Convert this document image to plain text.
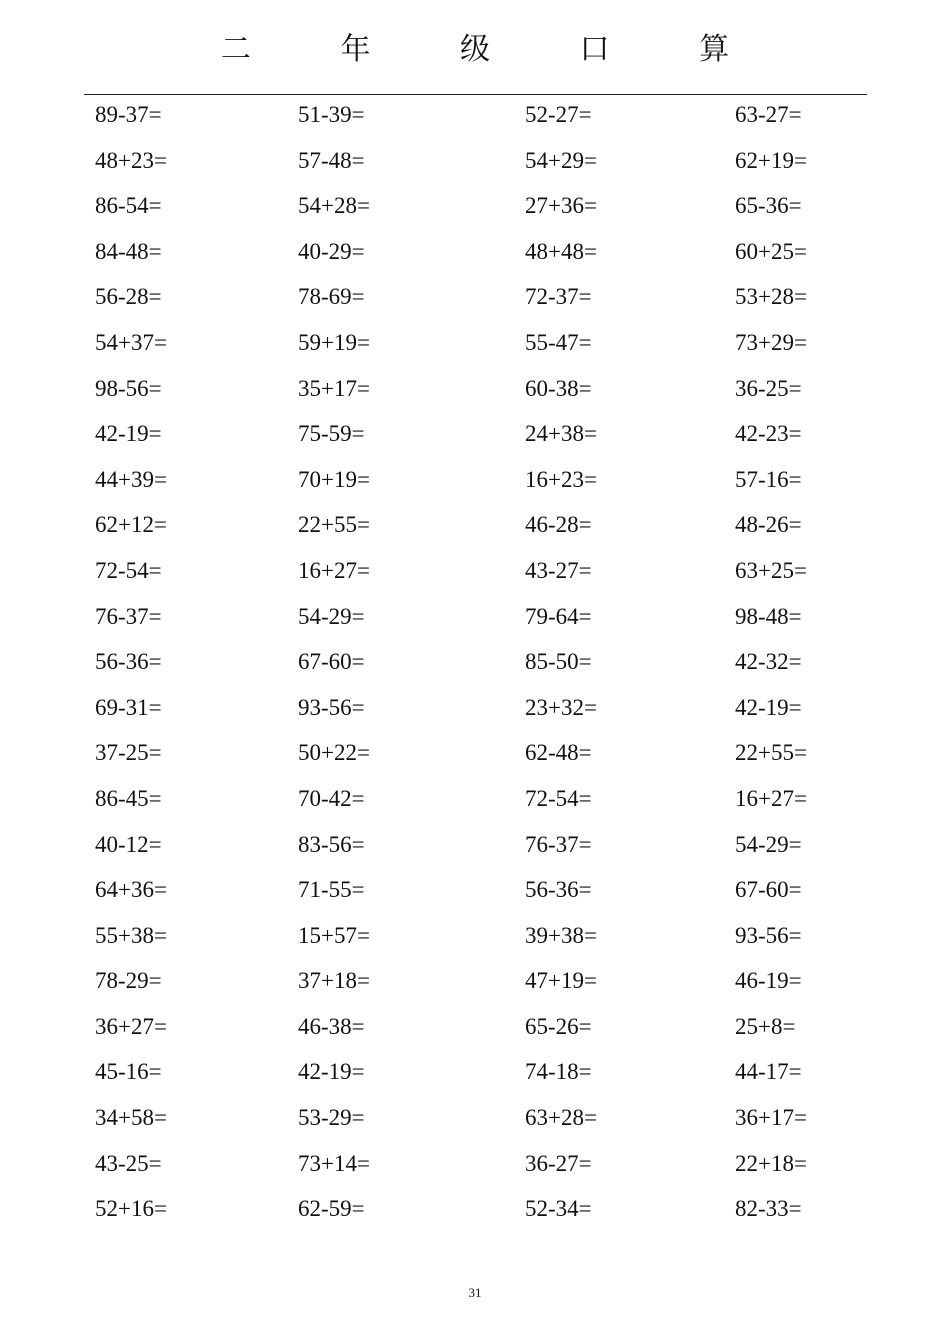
二 年 级 口 算
89-37=	51-39=	52-27=	63-27=
48+23=	57-48=	54+29=	62+19=
86-54=	54+28=	27+36=	65-36=
84-48=	40-29=	48+48=	60+25=
56-28=	78-69=	72-37=	53+28=
54+37=	59+19=	55-47=	73+29=
98-56=	35+17=	60-38=	36-25=
42-19=	75-59=	24+38=	42-23=
44+39=	70+19=	16+23=	57-16=
62+12=	22+55=	46-28=	48-26=
72-54=	16+27=	43-27=	63+25=
76-37=	54-29=	79-64=	98-48=
56-36=	67-60=	85-50=	42-32=
69-31=	93-56=	23+32=	42-19=
37-25=	50+22=	62-48=	22+55=
86-45=	70-42=	72-54=	16+27=
40-12=	83-56=	76-37=	54-29=
64+36=	71-55=	56-36=	67-60=
55+38=	15+57=	39+38=	93-56=
78-29=	37+18=	47+19=	46-19=
36+27=	46-38=	65-26=	25+8=
45-16=	42-19=	74-18=	44-17=
34+58=	53-29=	63+28=	36+17=
43-25=	73+14=	36-27=	22+18=
52+16=	62-59=	52-34=	82-33=
31
